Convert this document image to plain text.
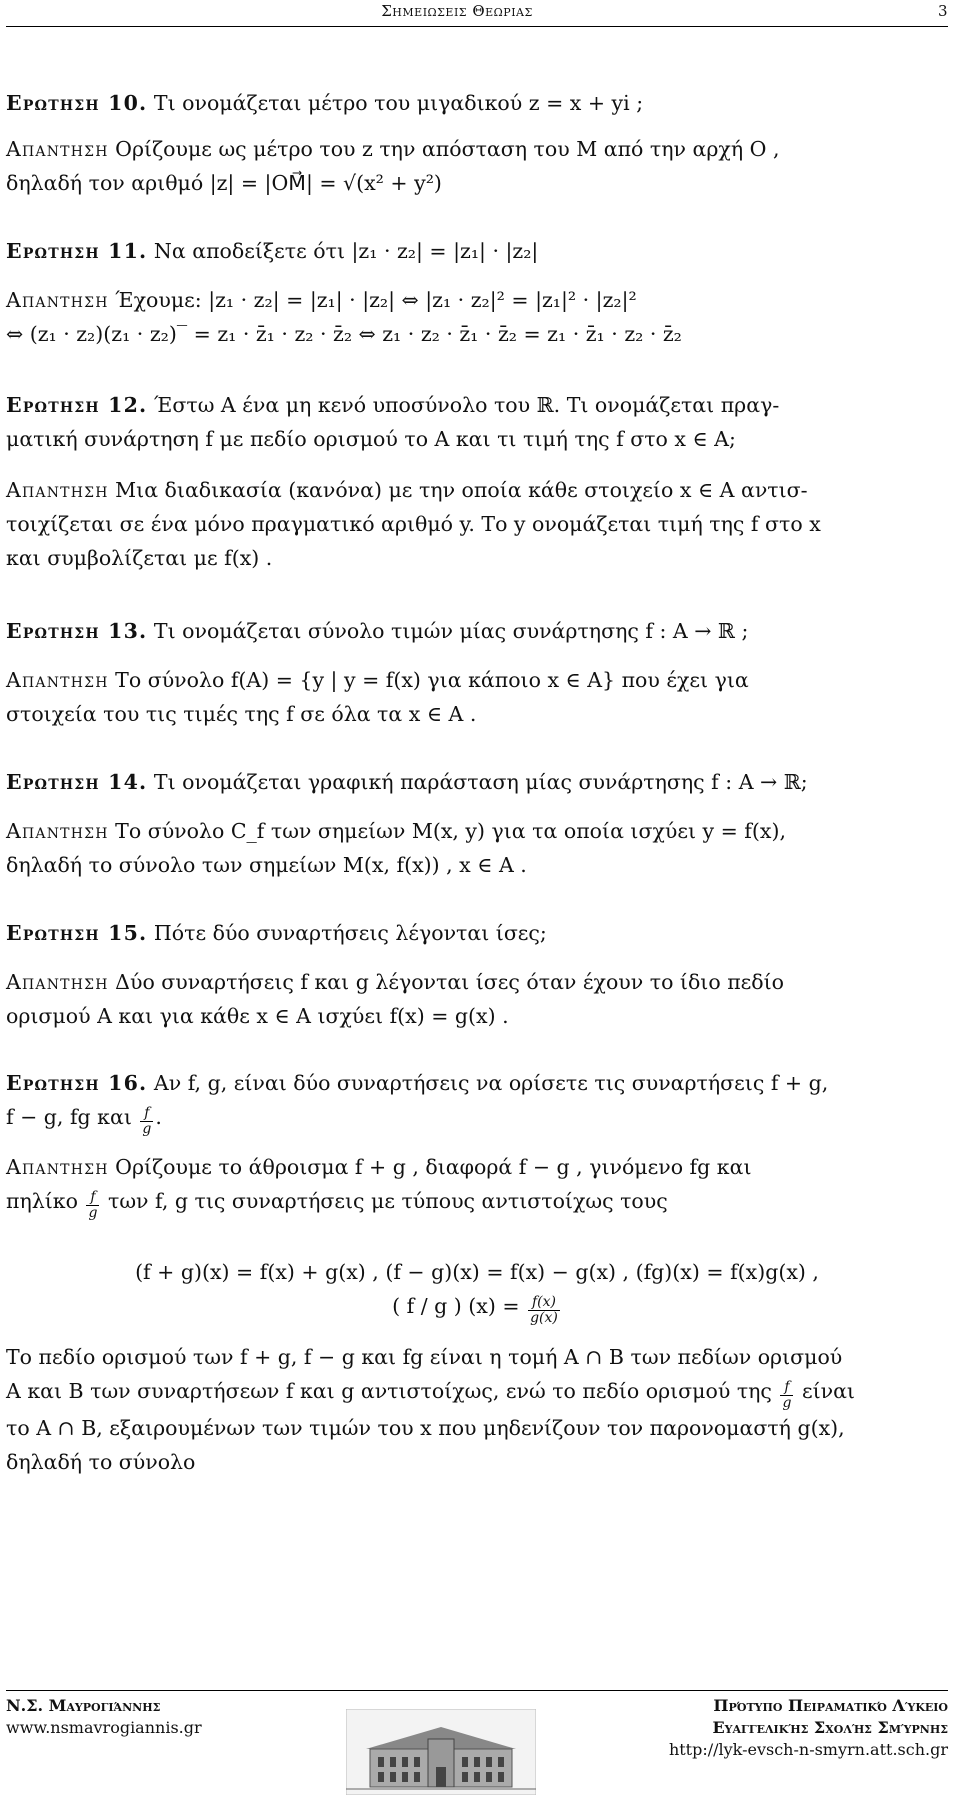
Σημειωσεισ Θεωριασ	3
Ερωτηση 10. Τι ονομάζεται μέτρο του μιγαδικού z = x + yi ;
Απαντηση Ορίζουμε ως μέτρο του z την απόσταση του M από την αρχή O ,
δηλαδή τον αριθμό |z| = |OM⃗| = √(x² + y²)
Ερωτηση 11. Να αποδείξετε ότι |z₁ · z₂| = |z₁| · |z₂|
Απαντηση Έχουμε: |z₁ · z₂| = |z₁| · |z₂| ⇔ |z₁ · z₂|² = |z₁|² · |z₂|²
⇔ (z₁ · z₂)(z₁ · z₂)‾ = z₁ · z̄₁ · z₂ · z̄₂ ⇔ z₁ · z₂ · z̄₁ · z̄₂ = z₁ · z̄₁ · z₂ · z̄₂
Ερωτηση 12. Έστω A ένα μη κενό υποσύνολο του ℝ. Τι ονομάζεται πραγ-
ματική συνάρτηση f με πεδίο ορισμού το A και τι τιμή της f στο x ∈ A;
Απαντηση Μια διαδικασία (κανόνα) με την οποία κάθε στοιχείο x ∈ A αντισ-
τοιχίζεται σε ένα μόνο πραγματικό αριθμό y. Το y ονομάζεται τιμή της f στο x
και συμβολίζεται με f(x) .
Ερωτηση 13. Τι ονομάζεται σύνολο τιμών μίας συνάρτησης f : A → ℝ ;
Απαντηση Το σύνολο f(A) = {y | y = f(x) για κάποιο x ∈ A} που έχει για
στοιχεία του τις τιμές της f σε όλα τα x ∈ A .
Ερωτηση 14. Τι ονομάζεται γραφική παράσταση μίας συνάρτησης f : A → ℝ;
Απαντηση Το σύνολο C_f των σημείων M(x, y) για τα οποία ισχύει y = f(x),
δηλαδή το σύνολο των σημείων M(x, f(x)) , x ∈ A .
Ερωτηση 15. Πότε δύο συναρτήσεις λέγονται ίσες;
Απαντηση Δύο συναρτήσεις f και g λέγονται ίσες όταν έχουν το ίδιο πεδίο
ορισμού A και για κάθε x ∈ A ισχύει f(x) = g(x) .
Ερωτηση 16. Αν f, g, είναι δύο συναρτήσεις να ορίσετε τις συναρτήσεις f + g,
f − g, fg και $\frac{f}{g}$ .
Απαντηση Ορίζουμε το άθροισμα f + g , διαφορά f − g , γινόμενο fg και
πηλίκο $\frac{f}{g}$ των f, g τις συναρτήσεις με τύπους αντιστοίχως τους
(f + g)(x) = f(x) + g(x) , (f − g)(x) = f(x) − g(x) , (fg)(x) = f(x)g(x) ,
( f / g ) $(x) = \frac{f(x)}{g(x)}$
Το πεδίο ορισμού των f + g, f − g και fg είναι η τομή A ∩ B των πεδίων ορισμού
A και B των συναρτήσεων f και g αντιστοίχως, ενώ το πεδίο ορισμού της $\frac{f}{g}$ είναι
το A ∩ B, εξαιρουμένων των τιμών του x που μηδενίζουν τον παρονομαστή g(x),
δηλαδή το σύνολο
Ν.Σ. Μαυρογιάννης
www.nsmavrogiannis.gr
Πρότυπο Πειραματικό Λύκειο
Ευαγγελικής Σχολής Σμύρνης
http://lyk-evsch-n-smyrn.att.sch.gr
